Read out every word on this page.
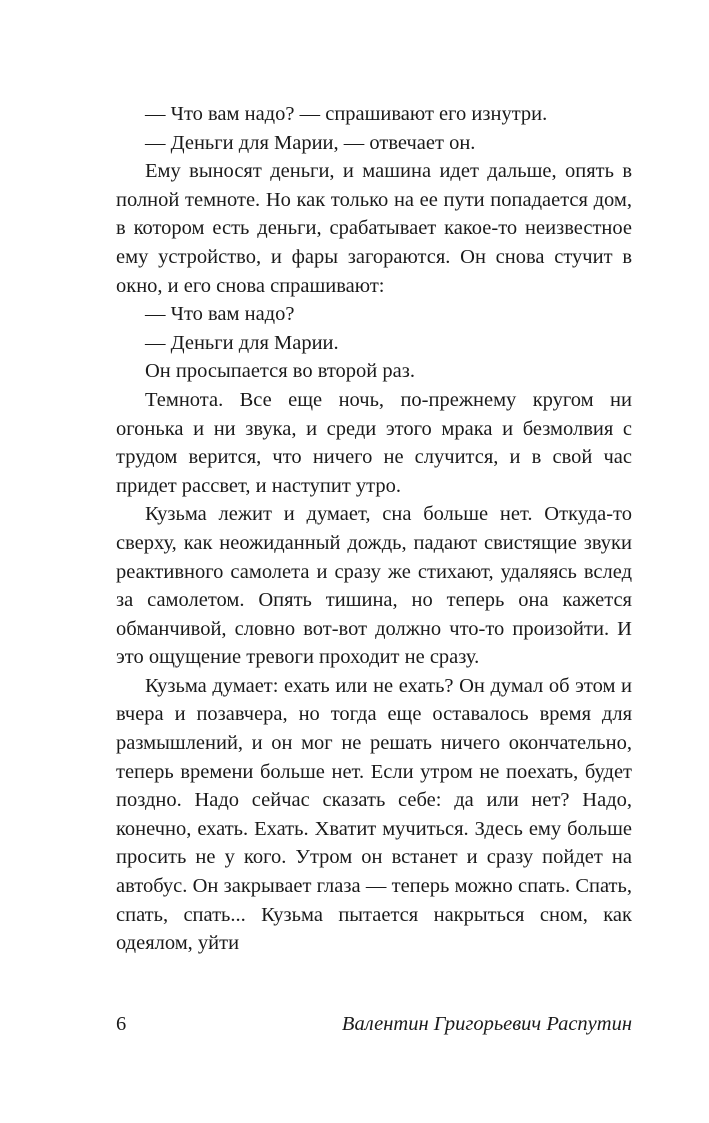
— Что вам надо? — спрашивают его изнутри.

— Деньги для Марии, — отвечает он.

Ему выносят деньги, и машина идет дальше, опять в полной темноте. Но как только на ее пути попадается дом, в котором есть деньги, срабатывает какое-то неизвестное ему устройство, и фары загораются. Он снова стучит в окно, и его снова спрашивают:

— Что вам надо?

— Деньги для Марии.

Он просыпается во второй раз.

Темнота. Все еще ночь, по-прежнему кругом ни огонька и ни звука, и среди этого мрака и безмолвия с трудом верится, что ничего не случится, и в свой час придет рассвет, и наступит утро.

Кузьма лежит и думает, сна больше нет. Откуда-то сверху, как неожиданный дождь, падают свистящие звуки реактивного самолета и сразу же стихают, удаляясь вслед за самолетом. Опять тишина, но теперь она кажется обманчивой, словно вот-вот должно что-то произойти. И это ощущение тревоги проходит не сразу.

Кузьма думает: ехать или не ехать? Он думал об этом и вчера и позавчера, но тогда еще оставалось время для размышлений, и он мог не решать ничего окончательно, теперь времени больше нет. Если утром не поехать, будет поздно. Надо сейчас сказать себе: да или нет? Надо, конечно, ехать. Ехать. Хватит мучиться. Здесь ему больше просить не у кого. Утром он встанет и сразу пойдет на автобус. Он закрывает глаза — теперь можно спать. Спать, спать, спать... Кузьма пытается накрыться сном, как одеялом, уйти

6	Валентин Григорьевич Распутин
